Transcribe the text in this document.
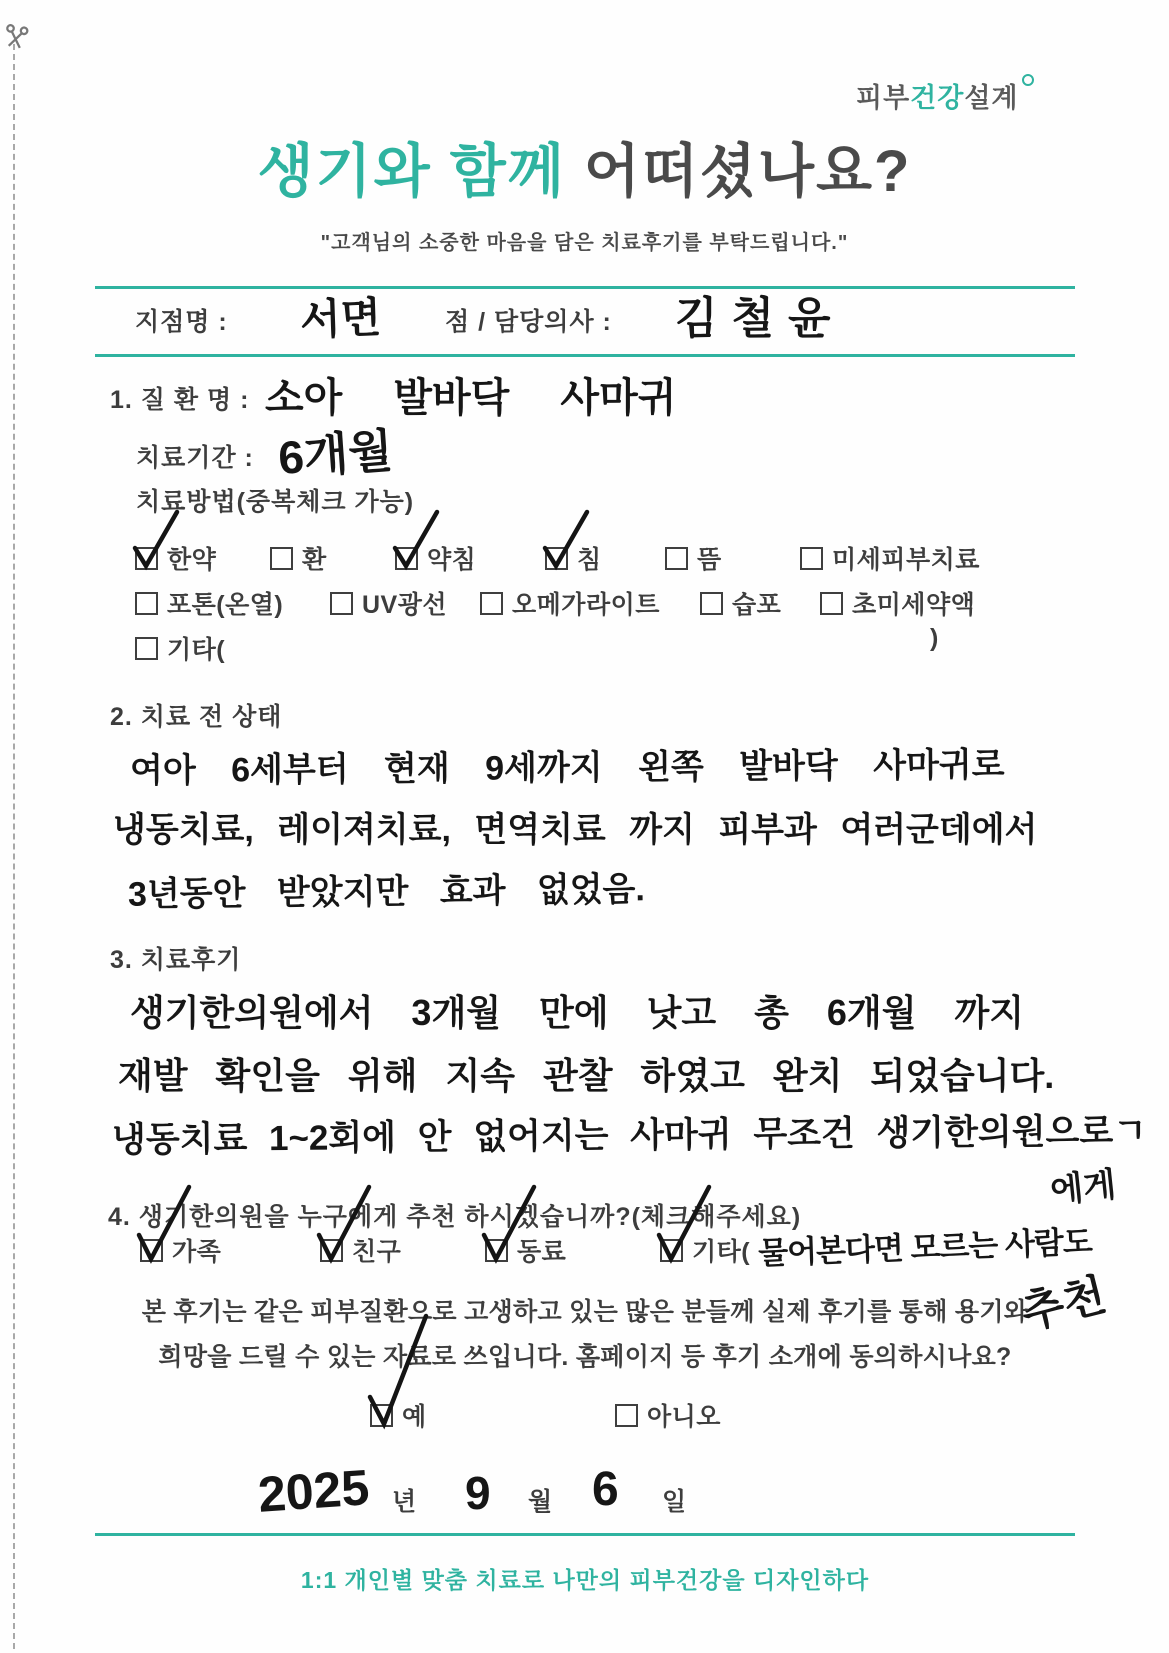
피부건강설계
생기와 함께 어떠셨나요?
"고객님의 소중한 마음을 담은 치료후기를 부탁드립니다."
지점명 : 서면	점 / 담당의사 : 김철윤
1. 질 환 명 : 소아 발바닥 사마귀
치료기간 : 6개월
치료방법(중복체크 가능)
한약	환	약침	침	뜸	미세피부치료
포톤(온열)	UV광선	오메가라이트	습포	초미세약액
기타(	)
2. 치료 전 상태
여아 6세부터 현재 9세까지 왼쪽 발바닥 사마귀로
냉동치료, 레이져치료, 면역치료 까지 피부과 여러군데에서
3년동안 받았지만 효과 없었음.
3. 치료후기
생기한의원에서 3개월 만에 낫고 총 6개월 까지
재발 확인을 위해 지속 관찰 하였고 완치 되었습니다.
냉동치료 1~2회에 안 없어지는 사마귀 무조건 생기한의원으로ㄱ
에게
4. 생기한의원을 누구에게 추천 하시겠습니까?(체크해주세요)
가족	친구	동료	기타( 물어본다면 모르는 사람도
추천
본 후기는 같은 피부질환으로 고생하고 있는 많은 분들께 실제 후기를 통해 용기와
희망을 드릴 수 있는 자료로 쓰입니다. 홈페이지 등 후기 소개에 동의하시나요?
예	아니오
2025 년 9 월 6 일
1:1 개인별 맞춤 치료로 나만의 피부건강을 디자인하다
